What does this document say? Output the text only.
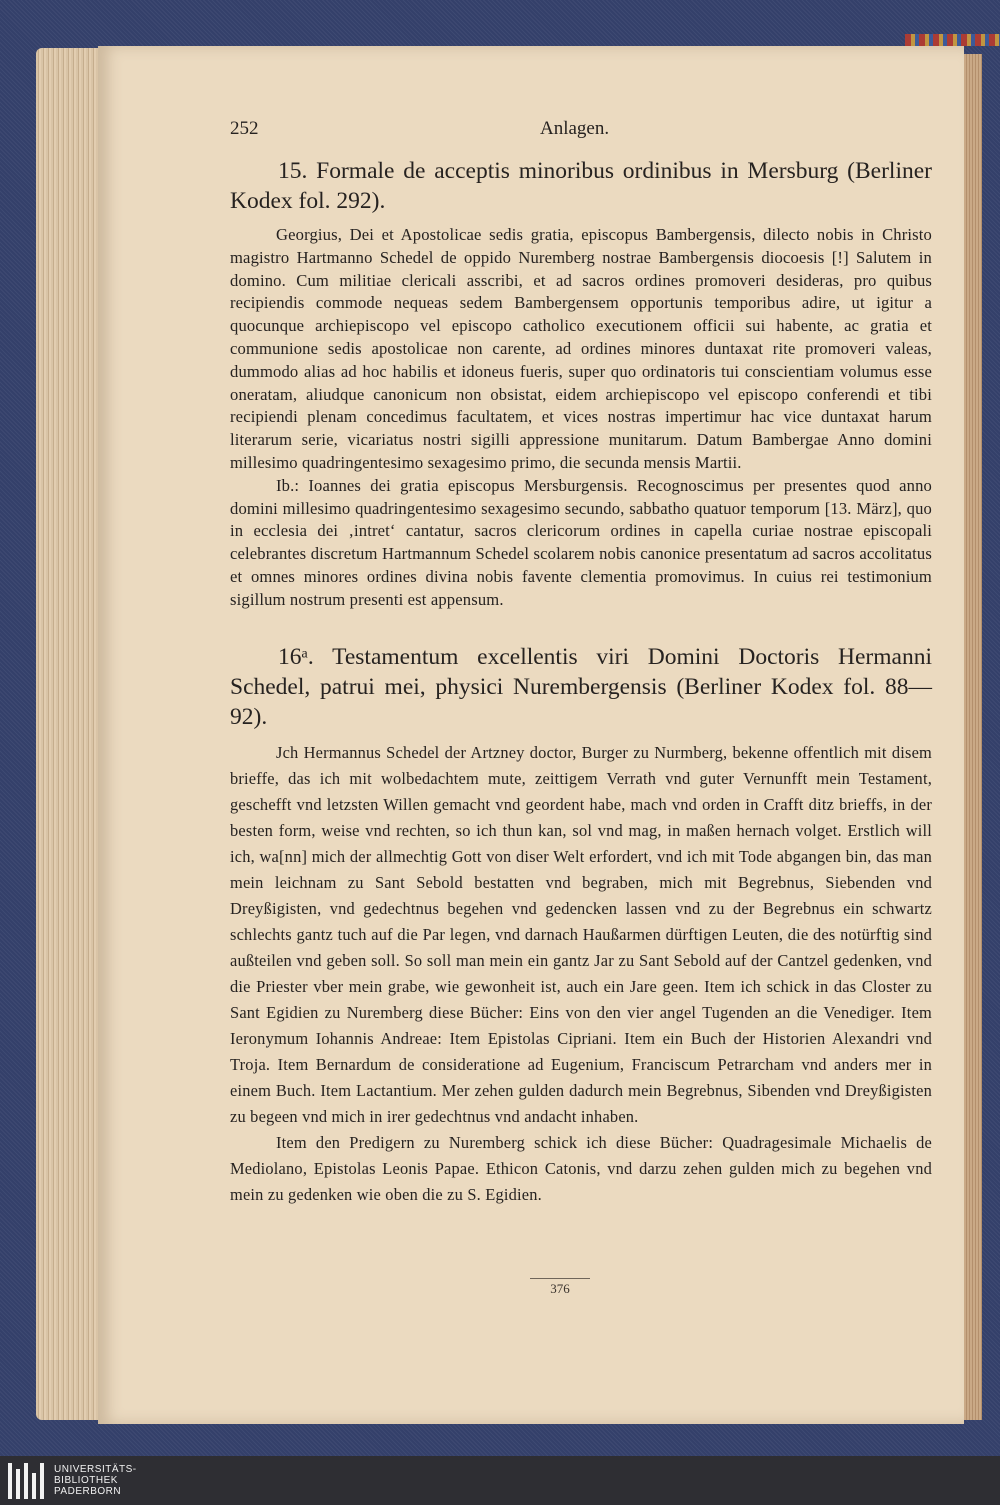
252	Anlagen.

15. Formale de acceptis minoribus ordinibus in Mersburg (Berliner Kodex fol. 292).

Georgius, Dei et Apostolicae sedis gratia, episcopus Bambergensis, dilecto nobis in Christo magistro Hartmanno Schedel de oppido Nuremberg nostrae Bambergensis diocoesis [!] Salutem in domino. Cum militiae clericali asscribi, et ad sacros ordines promoveri desideras, pro quibus recipiendis commode nequeas sedem Bambergensem opportunis temporibus adire, ut igitur a quocunque archiepiscopo vel episcopo catholico executionem officii sui habente, ac gratia et communione sedis apostolicae non carente, ad ordines minores duntaxat rite promoveri valeas, dummodo alias ad hoc habilis et idoneus fueris, super quo ordinatoris tui conscientiam volumus esse oneratam, aliudque canonicum non obsistat, eidem archiepiscopo vel episcopo conferendi et tibi recipiendi plenam concedimus facultatem, et vices nostras impertimur hac vice duntaxat harum literarum serie, vicariatus nostri sigilli appressione munitarum. Datum Bambergae Anno domini millesimo quadringentesimo sexagesimo primo, die secunda mensis Martii.

Ib.: Ioannes dei gratia episcopus Mersburgensis. Recognoscimus per presentes quod anno domini millesimo quadringentesimo sexagesimo secundo, sabbatho quatuor temporum [13. März], quo in ecclesia dei ‚intret‘ cantatur, sacros clericorum ordines in capella curiae nostrae episcopali celebrantes discretum Hartmannum Schedel scolarem nobis canonice presentatum ad sacros accolitatus et omnes minores ordines divina nobis favente clementia promovimus. In cuius rei testimonium sigillum nostrum presenti est appensum.

16ᵃ. Testamentum excellentis viri Domini Doctoris Hermanni Schedel, patrui mei, physici Nurembergensis (Berliner Kodex fol. 88—92).

Jch Hermannus Schedel der Artzney doctor, Burger zu Nurmberg, bekenne offentlich mit disem brieffe, das ich mit wolbedachtem mute, zeittigem Verrath vnd guter Vernunfft mein Testament, geschefft vnd letzsten Willen gemacht vnd geordent habe, mach vnd orden in Crafft ditz brieffs, in der besten form, weise vnd rechten, so ich thun kan, sol vnd mag, in maßen hernach volget. Erstlich will ich, wa[nn] mich der allmechtig Gott von diser Welt erfordert, vnd ich mit Tode abgangen bin, das man mein leichnam zu Sant Sebold bestatten vnd begraben, mich mit Begrebnus, Siebenden vnd Dreyßigisten, vnd gedechtnus begehen vnd gedencken lassen vnd zu der Begrebnus ein schwartz schlechts gantz tuch auf die Par legen, vnd darnach Haußarmen dürftigen Leuten, die des notürftig sind außteilen vnd geben soll. So soll man mein ein gantz Jar zu Sant Sebold auf der Cantzel gedenken, vnd die Priester vber mein grabe, wie gewonheit ist, auch ein Jare geen. Item ich schick in das Closter zu Sant Egidien zu Nuremberg diese Bücher: Eins von den vier angel Tugenden an die Venediger. Item Ieronymum Iohannis Andreae: Item Epistolas Cipriani. Item ein Buch der Historien Alexandri vnd Troja. Item Bernardum de consideratione ad Eugenium, Franciscum Petrarcham vnd anders mer in einem Buch. Item Lactantium. Mer zehen gulden dadurch mein Begrebnus, Sibenden vnd Dreyßigisten zu begeen vnd mich in irer gedechtnus vnd andacht inhaben.

Item den Predigern zu Nuremberg schick ich diese Bücher: Quadragesimale Michaelis de Mediolano, Epistolas Leonis Papae. Ethicon Catonis, vnd darzu zehen gulden mich zu begehen vnd mein zu gedenken wie oben die zu S. Egidien.

376
UNIVERSITÄTS-
BIBLIOTHEK
PADERBORN
